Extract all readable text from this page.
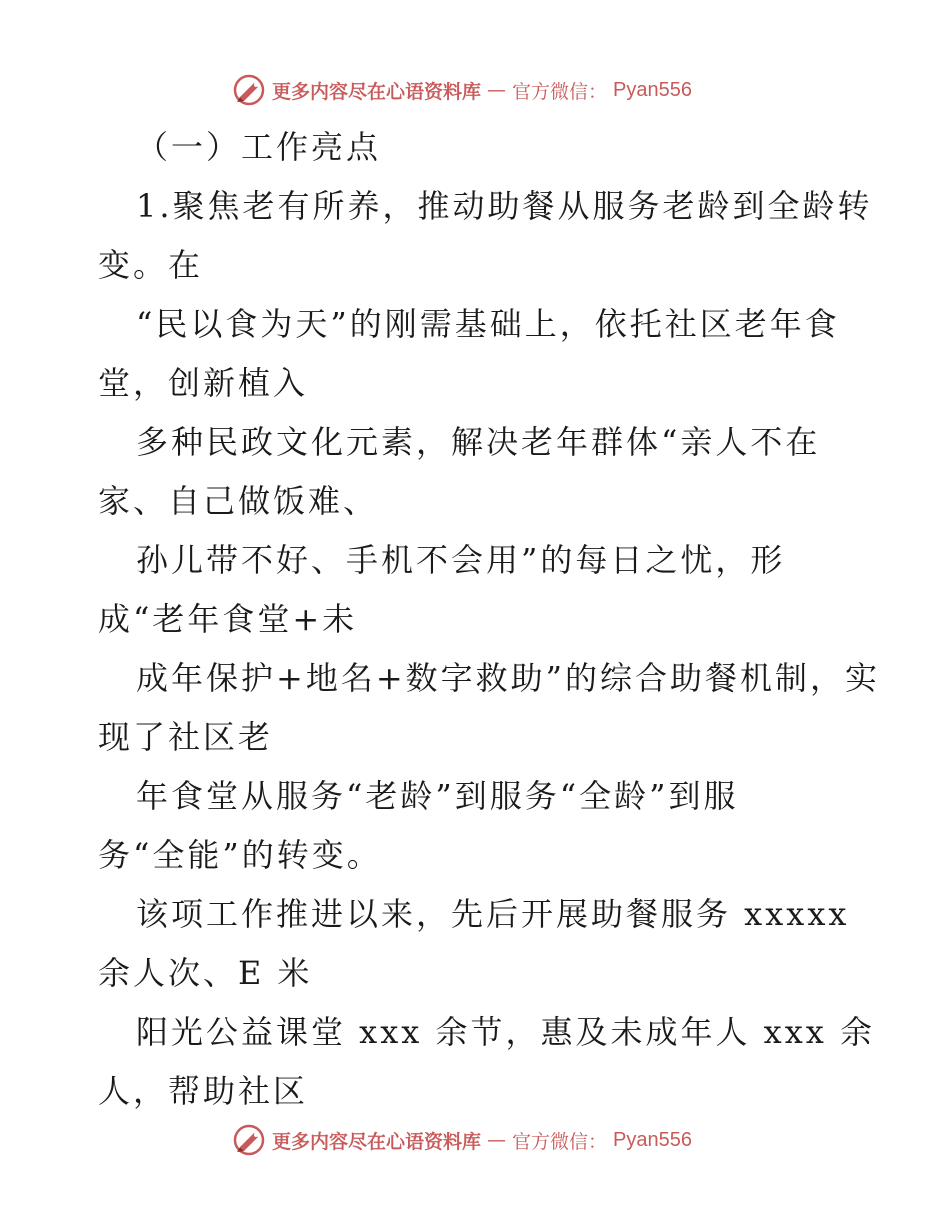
更多内容尽在心语资料库 — 官方微信： Pyan556
（一）工作亮点
1.聚焦老有所养，推动助餐从服务老龄到全龄转
变。在
“民以食为天”的刚需基础上，依托社区老年食
堂，创新植入
多种民政文化元素，解决老年群体“亲人不在
家、自己做饭难、
孙儿带不好、手机不会用”的每日之忧，形
成“老年食堂+未
成年保护+地名+数字救助”的综合助餐机制，实
现了社区老
年食堂从服务“老龄”到服务“全龄”到服
务“全能”的转变。
该项工作推进以来，先后开展助餐服务 xxxxx
余人次、E 米
阳光公益课堂 xxx 余节，惠及未成年人 xxx 余
人，帮助社区
更多内容尽在心语资料库 — 官方微信： Pyan556
